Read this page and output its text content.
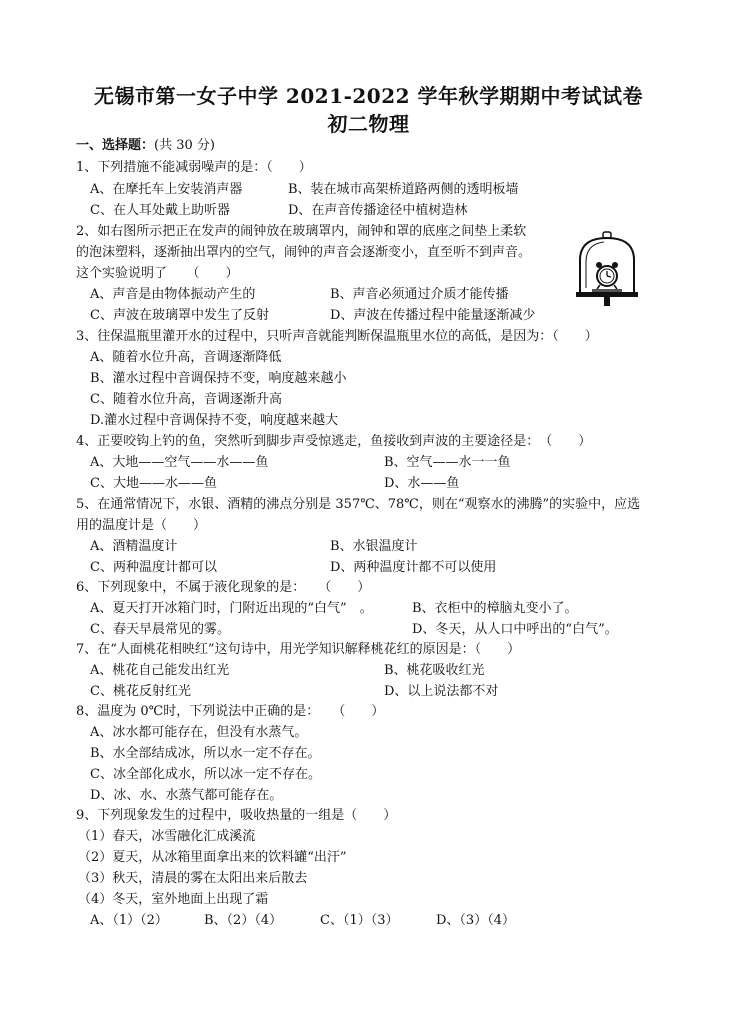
无锡市第一女子中学 2021-2022 学年秋学期期中考试试卷
初二物理
一、选择题：(共 30 分)
1、下列措施不能减弱噪声的是：（　　）
A、在摩托车上安装消声器	B、装在城市高架桥道路两侧的透明板墙
C、在人耳处戴上助听器	D、在声音传播途径中植树造林
2、如右图所示把正在发声的闹钟放在玻璃罩内，闹钟和罩的底座之间垫上柔软
的泡沫塑料，逐渐抽出罩内的空气，闹钟的声音会逐渐变小，直至听不到声音。
这个实验说明了　　（　　）
A、声音是由物体振动产生的	B、声音必须通过介质才能传播
C、声波在玻璃罩中发生了反射	D、声波在传播过程中能量逐渐减少
3、往保温瓶里灌开水的过程中，只听声音就能判断保温瓶里水位的高低，是因为：（　　）
A、随着水位升高，音调逐渐降低
B、灌水过程中音调保持不变，响度越来越小
C、随着水位升高，音调逐渐升高
D.灌水过程中音调保持不变，响度越来越大
4、正要咬钩上钓的鱼，突然听到脚步声受惊逃走，鱼接收到声波的主要途径是：　（　　）
A、大地——空气——水——鱼	B、空气——水一一鱼
C、大地——水——鱼	D、水——鱼
5、在通常情况下，水银、酒精的沸点分别是 357℃、78℃，则在“观察水的沸腾”的实验中，应选
用的温度计是（　　）
A、酒精温度计	B、水银温度计
C、两种温度计都可以	D、两种温度计都不可以使用
6、下列现象中，不属于液化现象的是：　　（　　）
A、夏天打开冰箱门时，门附近出现的“白气”　。	B、衣柜中的樟脑丸变小了。
C、春天早晨常见的雾。	D、冬天，从人口中呼出的“白气”。
7、在“人面桃花相映红”这句诗中，用光学知识解释桃花红的原因是：（　　）
A、桃花自己能发出红光	B、桃花吸收红光
C、桃花反射红光	D、以上说法都不对
8、温度为 0℃时，下列说法中正确的是：　　（　　）
A、冰水都可能存在，但没有水蒸气。
B、水全部结成冰，所以水一定不存在。
C、冰全部化成水，所以冰一定不存在。
D、冰、水、水蒸气都可能存在。
9、下列现象发生的过程中，吸收热量的一组是（　　）
（1）春天，冰雪融化汇成溪流
（2）夏天，从冰箱里面拿出来的饮料罐“出汗”
（3）秋天，清晨的雾在太阳出来后散去
（4）冬天，室外地面上出现了霜
A、（1）（2）	B、（2）（4）	C、（1）（3）	D、（3）（4）
